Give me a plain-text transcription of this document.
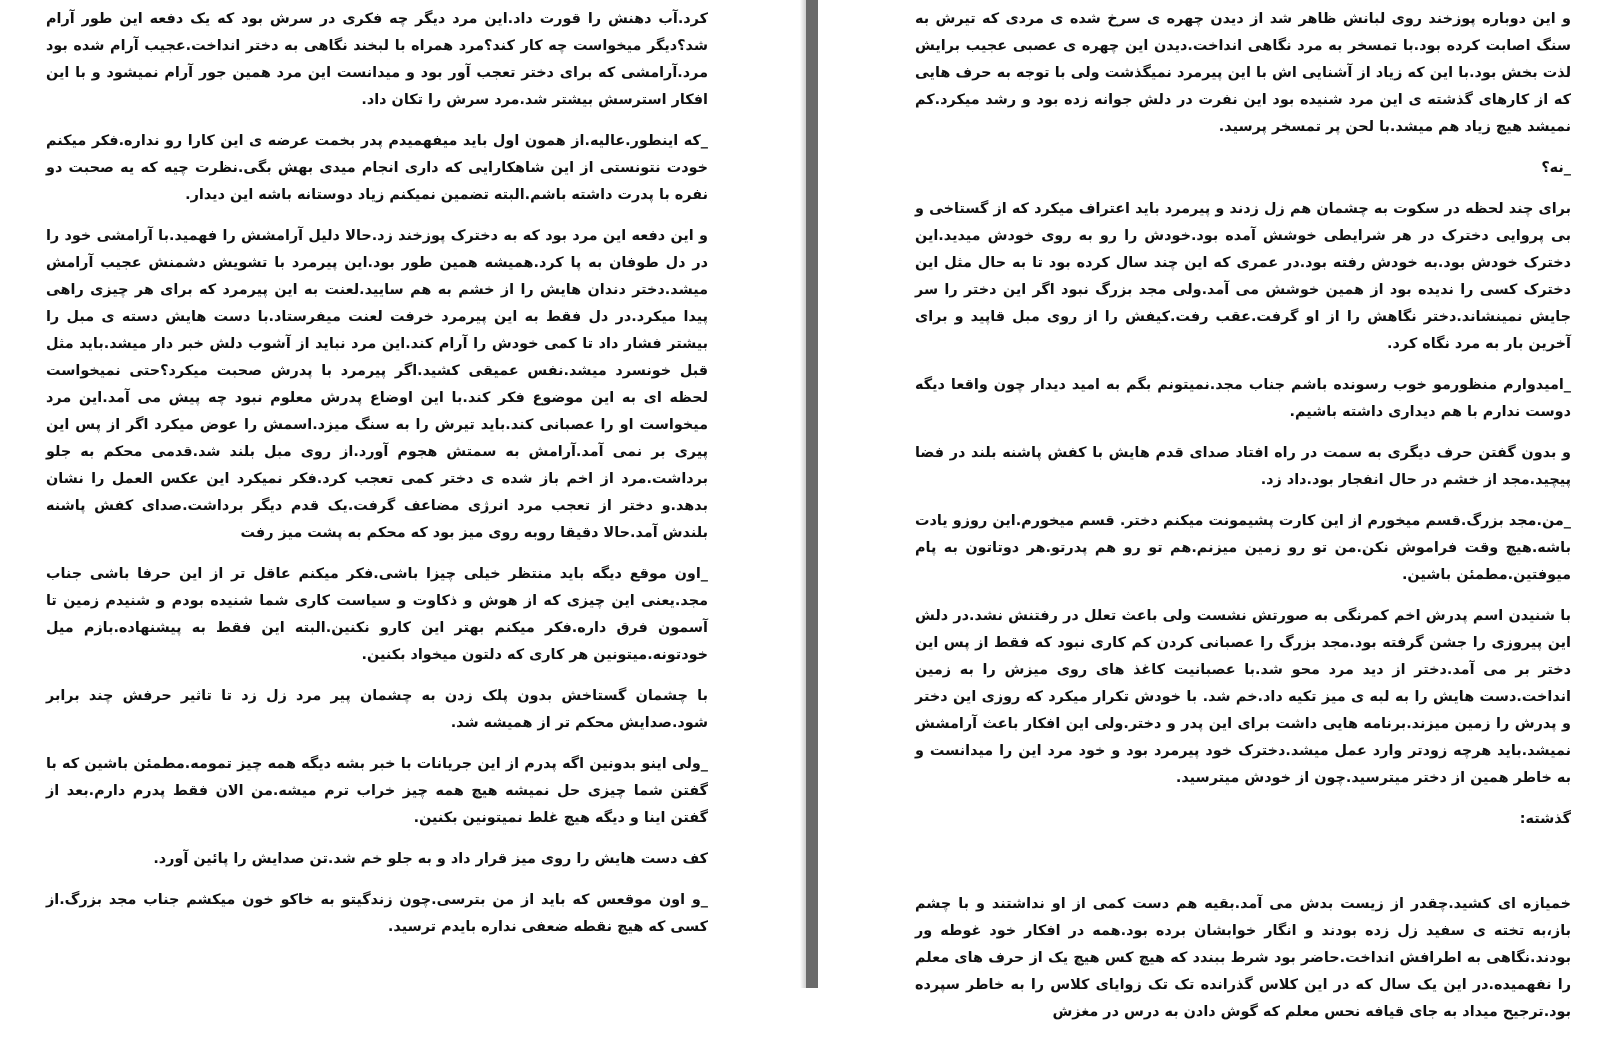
کرد.آب دهنش را قورت داد.این مرد دیگر چه فکری در سرش بود که یک دفعه این طور آرام شد؟دیگر میخواست چه کار کند؟مرد همراه با لبخند نگاهی به دختر انداخت.عجیب آرام شده بود مرد.آرامشی که برای دختر تعجب آور بود و میدانست این مرد همین جور آرام نمیشود و با این افکار استرسش بیشتر شد.مرد سرش را تکان داد.

_که اینطور.عالیه.از همون اول باید میفهمیدم پدر بخمت عرضه ی این کارا رو نداره.فکر میکنم خودت نتونستی از این شاهکارایی که داری انجام میدی بهش بگی.نظرت چیه که یه صحبت دو نفره با پدرت داشته باشم.البته تضمین نمیکنم زیاد دوستانه باشه این دیدار.

و این دفعه این مرد بود که به دخترک پوزخند زد.حالا دلیل آرامشش را فهمید.با آرامشی خود را در دل طوفان به پا کرد.همیشه همین طور بود.این پیرمرد با تشویش دشمنش عجیب آرامش میشد.دختر دندان هایش را از خشم به هم سایید.لعنت به این پیرمرد که برای هر چیزی راهی پیدا میکرد.در دل فقط به این پیرمرد خرفت لعنت میفرستاد.با دست هایش دسته ی مبل را بیشتر فشار داد تا کمی خودش را آرام کند.این مرد نباید از آشوب دلش خبر دار میشد.باید مثل قبل خونسرد میشد.نفس عمیقی کشید.اگر پیرمرد با پدرش صحبت میکرد؟حتی نمیخواست لحظه ای به این موضوع فکر کند.با این اوضاع پدرش معلوم نبود چه پیش می آمد.این مرد میخواست او را عصبانی کند.باید تیرش را به سنگ میزد.اسمش را عوض میکرد اگر از پس این پیری بر نمی آمد.آرامش به سمتش هجوم آورد.از روی مبل بلند شد.قدمی محکم به جلو برداشت.مرد از اخم باز شده ی دختر کمی تعجب کرد.فکر نمیکرد این عکس العمل را نشان بدهد.و دختر از تعجب مرد انرژی مضاعف گرفت.یک قدم دیگر برداشت.صدای کفش پاشنه بلندش آمد.حالا دقیقا روبه روی میز بود که محکم به پشت میز رفت

_اون موقع دیگه باید منتظر خیلی چیزا باشی.فکر میکنم عاقل تر از این حرفا باشی جناب مجد.یعنی این چیزی که از هوش و ذکاوت و سیاست کاری شما شنیده بودم و شنیدم زمین تا آسمون فرق داره.فکر میکنم بهتر این کارو نکنین.البته این فقط به پیشنهاده.بازم میل خودتونه.میتونین هر کاری که دلتون میخواد بکنین.

با چشمان گستاخش بدون پلک زدن به چشمان پیر مرد زل زد تا تاثیر حرفش چند برابر شود.صدایش محکم تر از همیشه شد.

_ولی اینو بدونین اگه پدرم از این جریانات با خبر بشه دیگه همه چیز تمومه.مطمئن باشین که با گفتن شما چیزی حل نمیشه هیچ همه چیز خراب ترم میشه.من الان فقط پدرم دارم.بعد از گفتن اینا و دیگه هیچ غلط نمیتونین بکنین.

کف دست هایش را روی میز قرار داد و به جلو خم شد.تن صدایش را پائین آورد.

_و اون موقعس که باید از من بترسی.چون زندگیتو به خاکو خون میکشم جناب مجد بزرگ.از کسی که هیچ نقطه ضعفی نداره بایدم ترسید.

و این دوباره پوزخند روی لبانش ظاهر شد از دیدن چهره ی سرخ شده ی مردی که تیرش به سنگ اصابت کرده بود.با تمسخر به مرد نگاهی انداخت.دیدن این چهره ی عصبی عجیب برایش لذت بخش بود.با این که زیاد از آشنایی اش با این پیرمرد نمیگذشت ولی با توجه به حرف هایی که از کارهای گذشته ی این مرد شنیده بود این نفرت در دلش جوانه زده بود و رشد میکرد.کم نمیشد هیچ زیاد هم میشد.با لحن پر تمسخر پرسید.

_نه؟

برای چند لحظه در سکوت به چشمان هم زل زدند و پیرمرد باید اعتراف میکرد که از گستاخی و بی پروایی دخترک در هر شرایطی خوشش آمده بود.خودش را رو به روی خودش میدید.این دخترک خودش بود.به خودش رفته بود.در عمری که این چند سال کرده بود تا به حال مثل این دخترک کسی را ندیده بود از همین خوشش می آمد.ولی مجد بزرگ نبود اگر این دختر را سر جایش نمینشاند.دختر نگاهش را از او گرفت.عقب رفت.کیفش را از روی مبل قاپید و برای آخرین بار به مرد نگاه کرد.

_امیدوارم منظورمو خوب رسونده باشم جناب مجد.نمیتونم بگم به امید دیدار چون واقعا دیگه دوست ندارم با هم دیداری داشته باشیم.

و بدون گفتن حرف دیگری به سمت در راه افتاد صدای قدم هایش با کفش پاشنه بلند در فضا پیچید.مجد از خشم در حال انفجار بود.داد زد.

_من.مجد بزرگ.قسم میخورم از این کارت پشیمونت میکنم دختر. قسم میخورم.این روزو یادت باشه.هیچ وقت فراموش نکن.من تو رو زمین میزنم.هم تو رو هم پدرتو.هر دوتاتون به پام میوفتین.مطمئن باشین.

با شنیدن اسم پدرش اخم کمرنگی به صورتش نشست ولی باعث تعلل در رفتنش نشد.در دلش این پیروزی را جشن گرفته بود.مجد بزرگ را عصبانی کردن کم کاری نبود که فقط از پس این دختر بر می آمد.دختر از دید مرد محو شد.با عصبانیت کاغذ های روی میزش را به زمین انداخت.دست هایش را به لبه ی میز تکیه داد.خم شد. با خودش تکرار میکرد که روزی این دختر و پدرش را زمین میزند.برنامه هایی داشت برای این پدر و دختر.ولی این افکار باعث آرامشش نمیشد.باید هرچه زودتر وارد عمل میشد.دخترک خود پیرمرد بود و خود مرد این را میدانست و به خاطر همین از دختر میترسید.چون از خودش میترسید.

گذشته:

خمیازه ای کشید.چقدر از زیست بدش می آمد.بقیه هم دست کمی از او نداشتند و با چشم باز،به تخته ی سفید زل زده بودند و انگار خوابشان برده بود.همه در افکار خود غوطه ور بودند.نگاهی به اطرافش انداخت.حاضر بود شرط ببندد که هیچ کس هیچ یک از حرف های معلم را نفهمیده.در این یک سال که در این کلاس گذرانده تک تک زوایای کلاس را به خاطر سپرده بود.ترجیح میداد به جای قیافه نحس معلم که گوش دادن به درس در مغزش
